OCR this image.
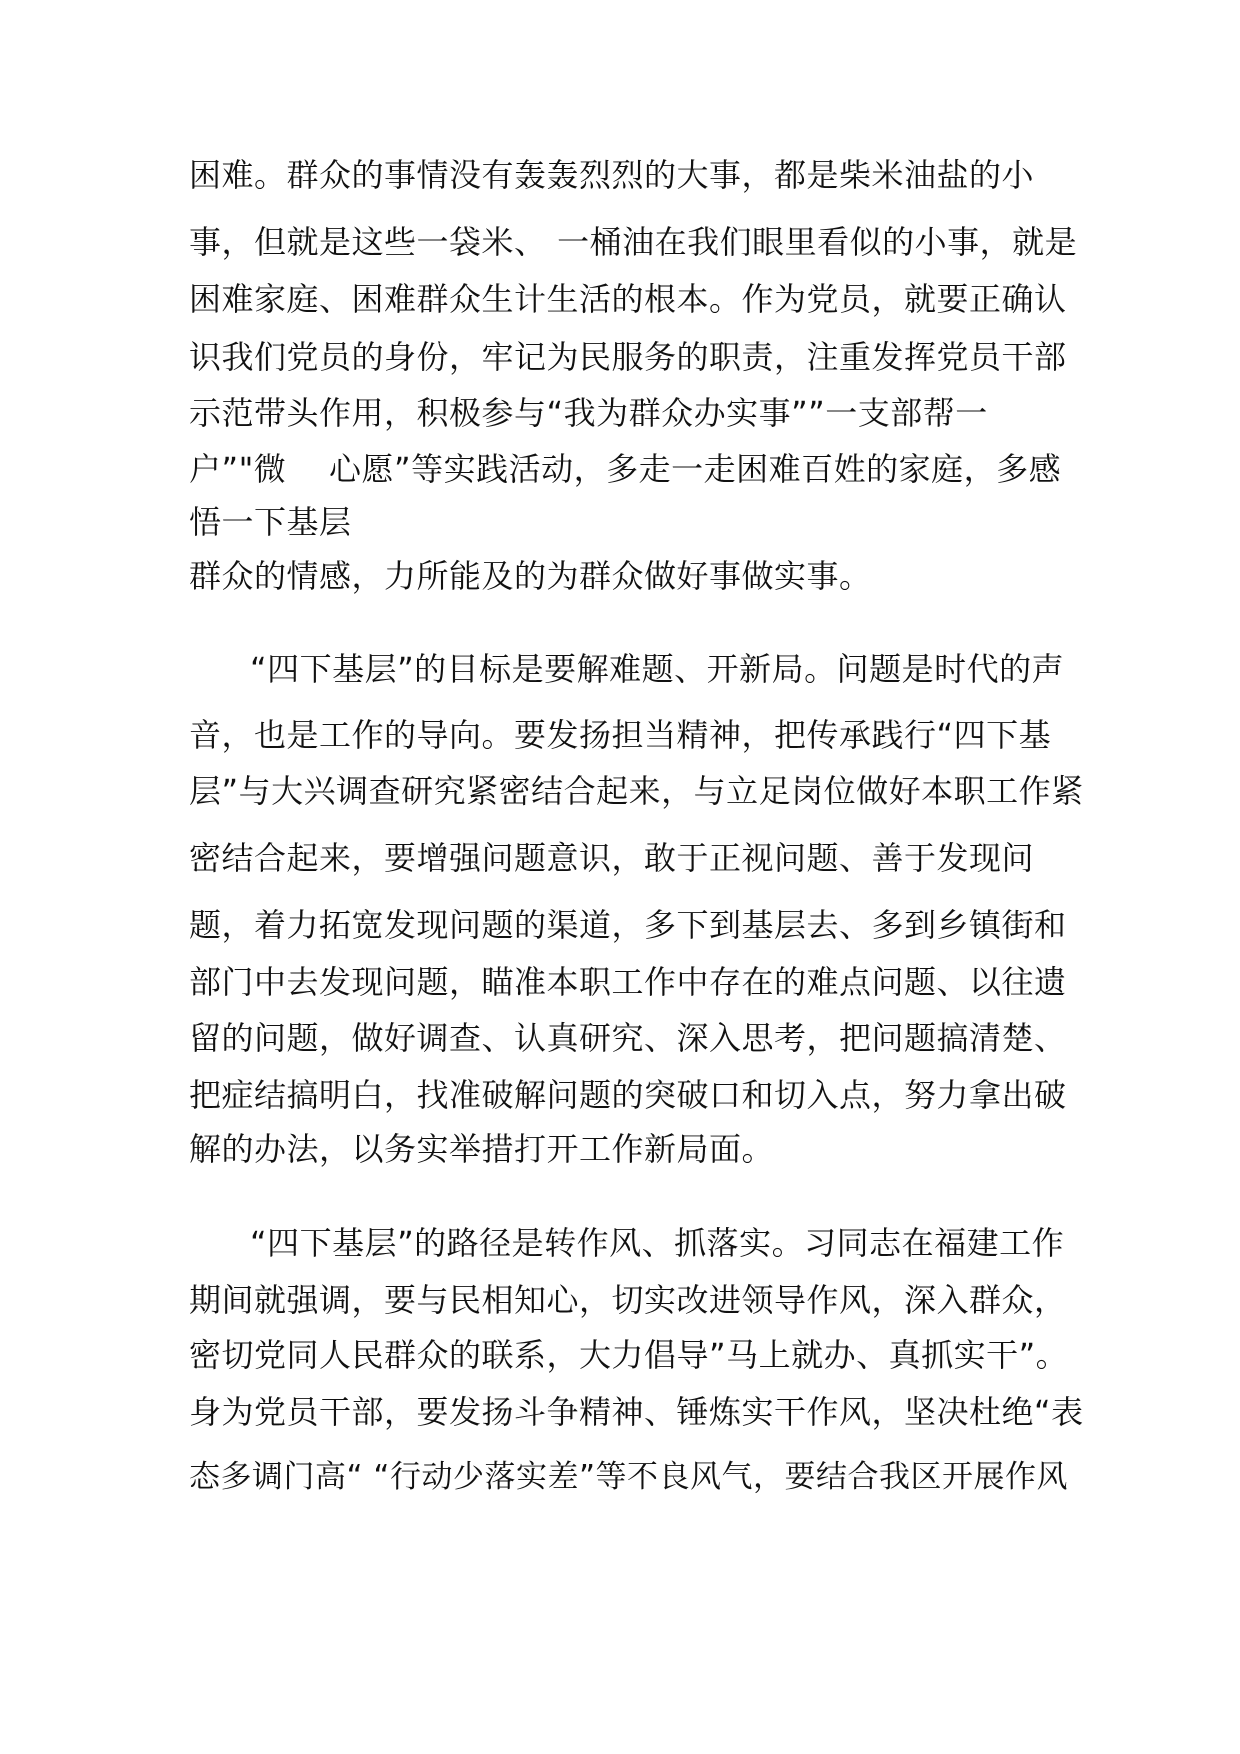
困难。群众的事情没有轰轰烈烈的大事，都是柴米油盐的小
事，但就是这些一袋米、 一桶油在我们眼里看似的小事，就是
困难家庭、困难群众生计生活的根本。作为党员，就要正确认
识我们党员的身份，牢记为民服务的职责，注重发挥党员干部
示范带头作用，积极参与“我为群众办实事””一支部帮一
户”"微    心愿”等实践活动，多走一走困难百姓的家庭，多感
悟一下基层
群众的情感，力所能及的为群众做好事做实事。
“四下基层”的目标是要解难题、开新局。问题是时代的声
音，也是工作的导向。要发扬担当精神，把传承践行“四下基
层”与大兴调查研究紧密结合起来，与立足岗位做好本职工作紧
密结合起来，要增强问题意识，敢于正视问题、善于发现问
题，着力拓宽发现问题的渠道，多下到基层去、多到乡镇街和
部门中去发现问题，瞄准本职工作中存在的难点问题、以往遗
留的问题，做好调查、认真研究、深入思考，把问题搞清楚、
把症结搞明白，找准破解问题的突破口和切入点，努力拿出破
解的办法，以务实举措打开工作新局面。
“四下基层”的路径是转作风、抓落实。习同志在福建工作
期间就强调，要与民相知心，切实改进领导作风，深入群众，
密切党同人民群众的联系，大力倡导”马上就办、真抓实干”。
身为党员干部，要发扬斗争精神、锤炼实干作风，坚决杜绝“表
态多调门高“ “行动少落实差”等不良风气，要结合我区开展作风
